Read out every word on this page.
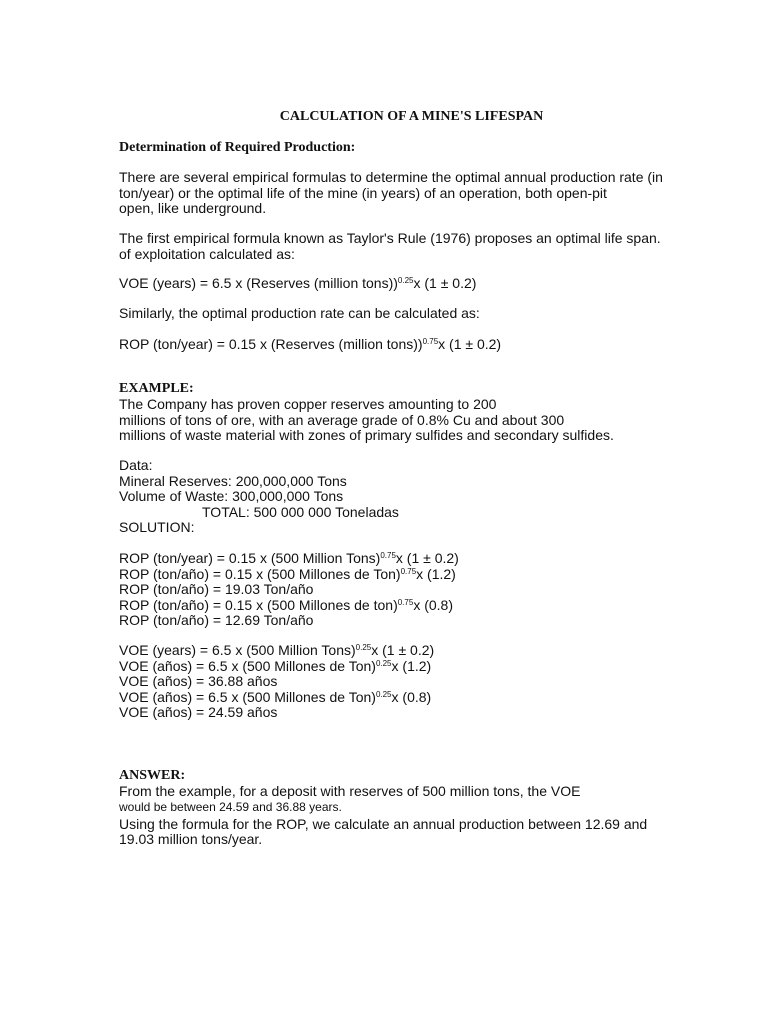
CALCULATION OF A MINE'S LIFESPAN
Determination of Required Production:
There are several empirical formulas to determine the optimal annual production rate (in
ton/year) or the optimal life of the mine (in years) of an operation, both open-pit
open, like underground.
The first empirical formula known as Taylor's Rule (1976) proposes an optimal life span.
of exploitation calculated as:
VOE (years) = 6.5 x (Reserves (million tons))$^{0.25}$x (1 ± 0.2)
Similarly, the optimal production rate can be calculated as:
ROP (ton/year) = 0.15 x (Reserves (million tons))$^{0.75}$x (1 ± 0.2)
EXAMPLE:
The Company has proven copper reserves amounting to 200
millions of tons of ore, with an average grade of 0.8% Cu and about 300
millions of waste material with zones of primary sulfides and secondary sulfides.
Data:
Mineral Reserves: 200,000,000 Tons
Volume of Waste: 300,000,000 Tons
TOTAL: 500 000 000 Toneladas
SOLUTION:
ROP (ton/year) = 0.15 x (500 Million Tons)$^{0.75}$x (1 ± 0.2)
ROP (ton/año) = 0.15 x (500 Millones de Ton)$^{0.75}$x (1.2)
ROP (ton/año) = 19.03 Ton/año
ROP (ton/año) = 0.15 x (500 Millones de ton)$^{0.75}$x (0.8)
ROP (ton/año) = 12.69 Ton/año
VOE (years) = 6.5 x (500 Million Tons)$^{0.25}$x (1 ± 0.2)
VOE (años) = 6.5 x (500 Millones de Ton)$^{0.25}$x (1.2)
VOE (años) = 36.88 años
VOE (años) = 6.5 x (500 Millones de Ton)$^{0.25}$x (0.8)
VOE (años) = 24.59 años
ANSWER:
From the example, for a deposit with reserves of 500 million tons, the VOE
would be between 24.59 and 36.88 years.
Using the formula for the ROP, we calculate an annual production between 12.69 and
19.03 million tons/year.
